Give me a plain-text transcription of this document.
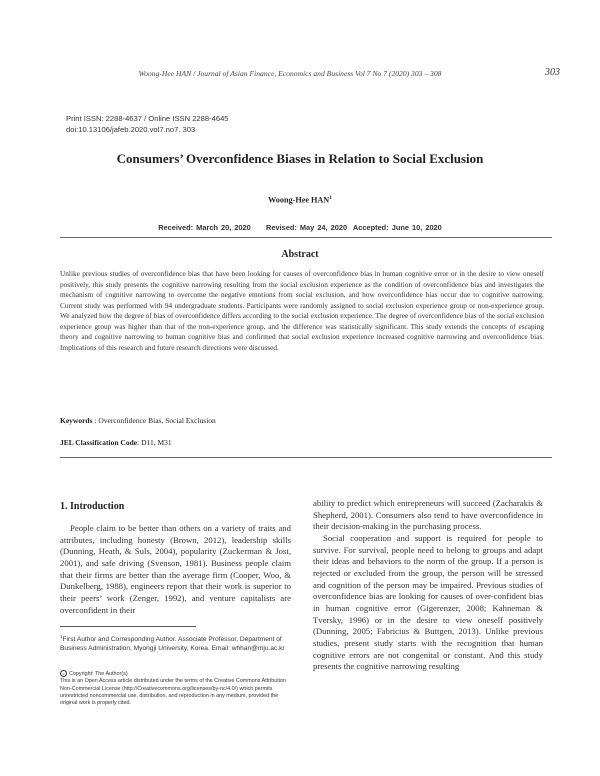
Woong-Hee HAN / Journal of Asian Finance, Economics and Business Vol 7 No 7 (2020) 303 – 308	303
Print ISSN: 2288-4637 / Online ISSN 2288-4645
doi:10.13106/jafeb.2020.vol7.no7. 303
Consumers’ Overconfidence Biases in Relation to Social Exclusion
Woong-Hee HAN$^1$
Received: March 20, 2020     Revised: May 24, 2020  Accepted: June 10, 2020
Abstract
Unlike previous studies of overconfidence bias that have been looking for causes of overconfidence bias in human cognitive error or in the desire to view oneself positively, this study presents the cognitive narrowing resulting from the social exclusion experience as the condition of overconfidence bias and investigates the mechanism of cognitive narrowing to overcome the negative emotions from social exclusion, and how overconfidence bias occur due to cognitive narrowing. Current study was performed with 94 undergraduate students. Participants were randomly assigned to social exclusion experience group or non-experience group. We analyzed how the degree of bias of overconfidence differs according to the social exclusion experience. The degree of overconfidence bias of the social exclusion experience group was higher than that of the non-experience group, and the difference was statistically significant. This study extends the concepts of escaping theory and cognitive narrowing to human cognitive bias and confirmed that social exclusion experience increased cognitive narrowing and overconfidence bias. Implications of this research and future research directions were discussed.
Keywords : Overconfidence Bias, Social Exclusion
JEL Classification Code: D11, M31
1. Introduction
People claim to be better than others on a variety of traits and attributes, including honesty (Brown, 2012), leadership skills (Dunning, Heath, & Suls, 2004), popularity (Zuckerman & Jost, 2001), and safe driving (Svenson, 1981). Business people claim that their firms are better than the average firm (Cooper, Woo, & Dunkelberg, 1988), engineers report that their work is superior to their peers’ work (Zenger, 1992), and venture capitalists are overconfident in their

ability to predict which entrepreneurs will succeed (Zacharakis & Shepherd, 2001). Consumers also tend to have overconfidence in their decision-making in the purchasing process.

Social cooperation and support is required for people to survive. For survival, people need to belong to groups and adapt their ideas and behaviors to the norm of the group. If a person is rejected or excluded from the group, the person will be stressed and cognition of the person may be impaired. Previous studies of overconfidence bias are looking for causes of over-confident bias in human cognitive error (Gigerenzer, 2008; Kahneman & Tversky, 1996) or in the desire to view oneself positively (Dunning, 2005; Fabricius & Buttgen, 2013). Unlike previous studies, present study starts with the recognition that human cognitive errors are not congenital or constant. And this study presents the cognitive narrowing resulting

$^1$First Author and Corresponding Author. Associate Professor, Department of Business Administration, Myongji University, Korea. Email: whhan@mju.ac.kr
c Copyright: The Author(s)
This is an Open Access article distributed under the terms of the Creative Commons Attribution Non-Commercial License (http://Creativecommons.org/licenses/by-nc/4.0/) which permits unrestricted noncommercial use, distribution, and reproduction in any medium, provided the original work is properly cited.
